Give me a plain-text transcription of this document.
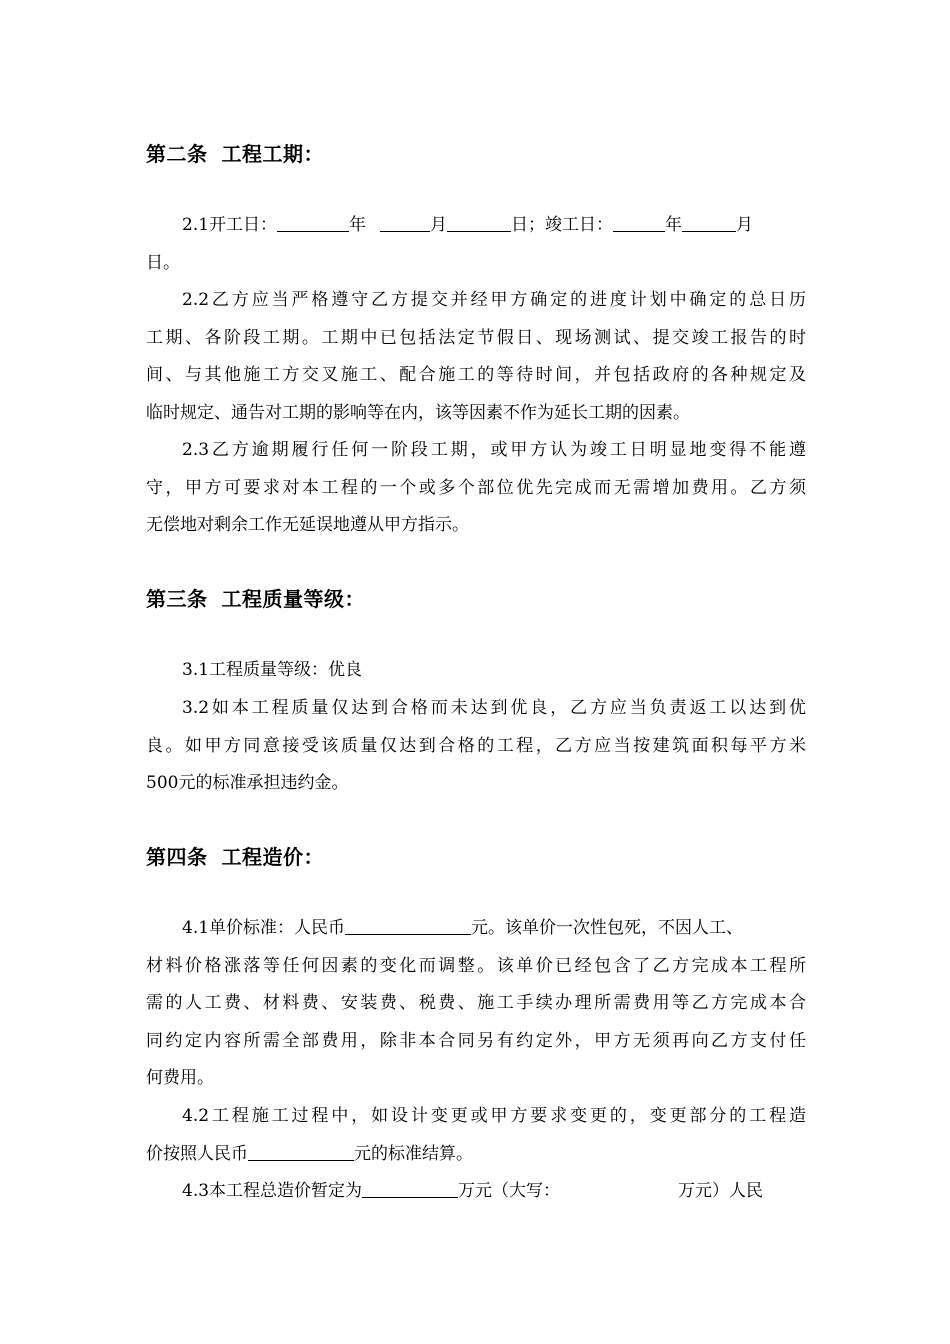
第二条 工程工期：
2.1开工日：	年	月	日；竣工日：	年	月
日。
2.2乙方应当严格遵守乙方提交并经甲方确定的进度计划中确定的总日历
工期、各阶段工期。工期中已包括法定节假日、现场测试、提交竣工报告的时
间、与其他施工方交叉施工、配合施工的等待时间，并包括政府的各种规定及
临时规定、通告对工期的影响等在内，该等因素不作为延长工期的因素。
2.3乙方逾期履行任何一阶段工期，或甲方认为竣工日明显地变得不能遵
守，甲方可要求对本工程的一个或多个部位优先完成而无需增加费用。乙方须
无偿地对剩余工作无延误地遵从甲方指示。
第三条 工程质量等级：
3.1工程质量等级：优良
3.2如本工程质量仅达到合格而未达到优良，乙方应当负责返工以达到优
良。如甲方同意接受该质量仅达到合格的工程，乙方应当按建筑面积每平方米
500元的标准承担违约金。
第四条 工程造价：
4.1单价标准：人民币	元。该单价一次性包死，不因人工、
材料价格涨落等任何因素的变化而调整。该单价已经包含了乙方完成本工程所
需的人工费、材料费、安装费、税费、施工手续办理所需费用等乙方完成本合
同约定内容所需全部费用，除非本合同另有约定外，甲方无须再向乙方支付任
何费用。
4.2工程施工过程中，如设计变更或甲方要求变更的，变更部分的工程造
价按照人民币	元的标准结算。
4.3本工程总造价暂定为	万元（大写：	万元）人民
